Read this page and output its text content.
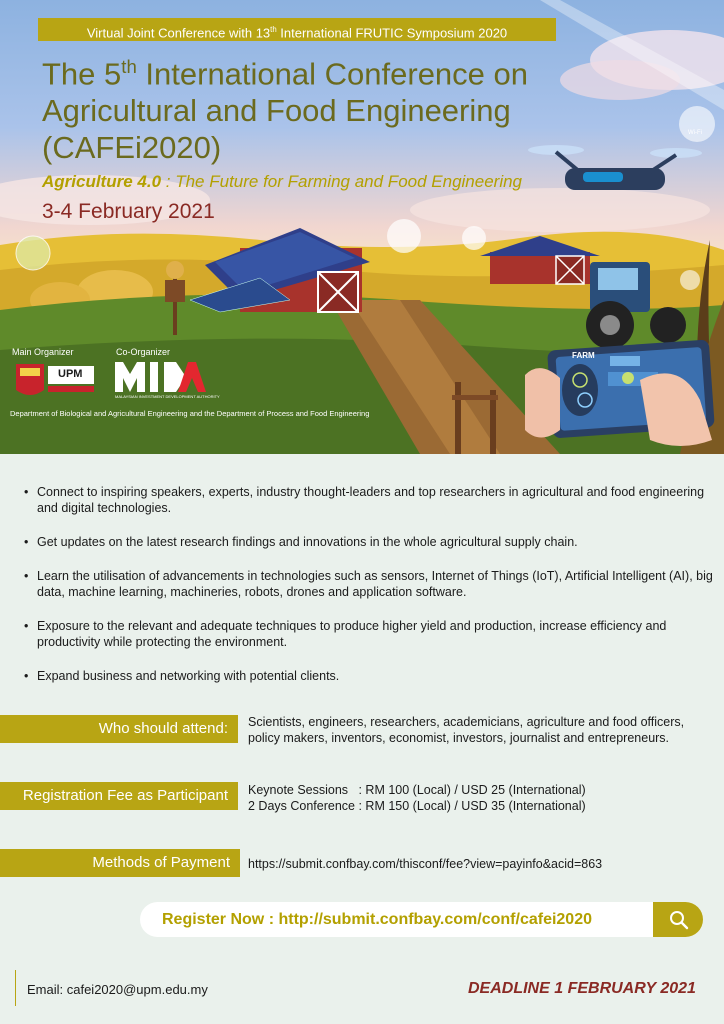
Virtual Joint Conference with 13th International FRUTIC Symposium 2020
The 5th International Conference on
Agricultural and Food Engineering
(CAFEi2020)
Agriculture 4.0 : The Future for Farming and Food Engineering
3-4 February 2021
Main Organizer	Co-Organizer
UPM
MALAYSIAN INVESTMENT DEVELOPMENT AUTHORITY
FARM
Wi-Fi
Department of Biological and Agricultural Engineering and the Department of Process and Food Engineering
• Connect to inspiring speakers, experts, industry thought-leaders and top researchers in agricultural and food engineering and digital technologies.
• Get updates on the latest research findings and innovations in the whole agricultural supply chain.
• Learn the utilisation of advancements in technologies such as sensors, Internet of Things (IoT), Artificial Intelligent (AI), big data, machine learning, machineries, robots, drones and application software.
• Exposure to the relevant and adequate techniques to produce higher yield and production, increase efficiency and productivity while protecting the environment.
• Expand business and networking with potential clients.
Who should attend:	Scientists, engineers, researchers, academicians, agriculture and food officers, policy makers, inventors, economist, investors, journalist and entrepreneurs.
Registration Fee as Participant	Keynote Sessions   : RM 100 (Local) / USD 25 (International)
2 Days Conference : RM 150 (Local) / USD 35 (International)
Methods of Payment	https://submit.confbay.com/thisconf/fee?view=payinfo&acid=863
Register Now : http://submit.confbay.com/conf/cafei2020
Email: cafei2020@upm.edu.my	DEADLINE 1 FEBRUARY 2021
